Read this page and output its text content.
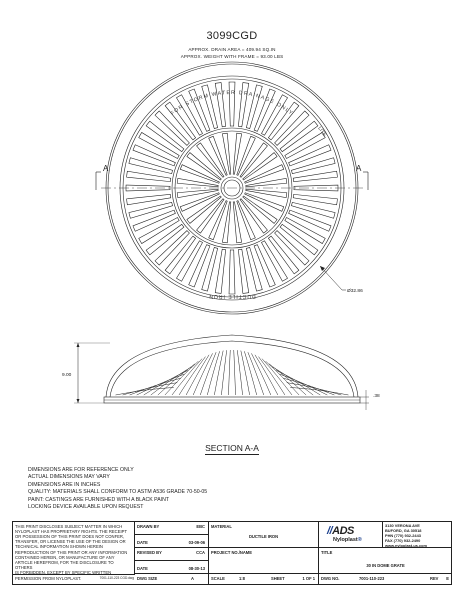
3099CGD
APPROX. DRAIN AREA = 409.94 SQ.IN
APPROX. WEIGHT WITH FRAME = 93.00 LBS
FOR STORM WATER DRAINAGE ONLY
LITE
DUCTILE IRON
A	A
Ø32.86
9.00
.38
SECTION A-A
DIMENSIONS ARE FOR REFERENCE ONLY
ACTUAL DIMENSIONS MAY VARY
DIMENSIONS ARE IN INCHES
QUALITY: MATERIALS SHALL CONFORM TO ASTM A536 GRADE 70-50-05
PAINT: CASTINGS ARE FURNISHED WITH A BLACK PAINT
LOCKING DEVICE AVAILABLE UPON REQUEST
THIS PRINT DISCLOSES SUBJECT MATTER IN WHICH
NYLOPLAST HAS PROPRIETARY RIGHTS. THE RECEIPT
OR POSSESSION OF THIS PRINT DOES NOT CONFER,
TRANSFER, OR LICENSE THE USE OF THE DESIGN OR
TECHNICAL INFORMATION SHOWN HEREIN
REPRODUCTION OF THIS PRINT OR ANY INFORMATION
CONTAINED HEREIN, OR MANUFACTURE OF ANY
ARTICLE HEREFROM, FOR THE DISCLOSURE TO OTHERS
IS FORBIDDEN, EXCEPT BY SPECIFIC WRITTEN
PERMISSION FROM NYLOPLAST.	7001-110-223 CGD.dwg
DRAWN BY	EBC
DATE	03-09-06
REVISED BY	CCA
DATE	08-30-13
MATERIAL
DUCTILE IRON
PROJECT NO./NAME
//ADS
Nyloplast®
3130 VERONA AVE
BUFORD, GA 30518
PHN (770) 932-2443
FAX (770) 932-2490
www.nyloplast-us.com
TITLE
30 IN DOME GRATE
DWG SIZE	A	SCALE	1:8	SHEET	1 OF 1 DWG NO.	7001-110-223	REV E
